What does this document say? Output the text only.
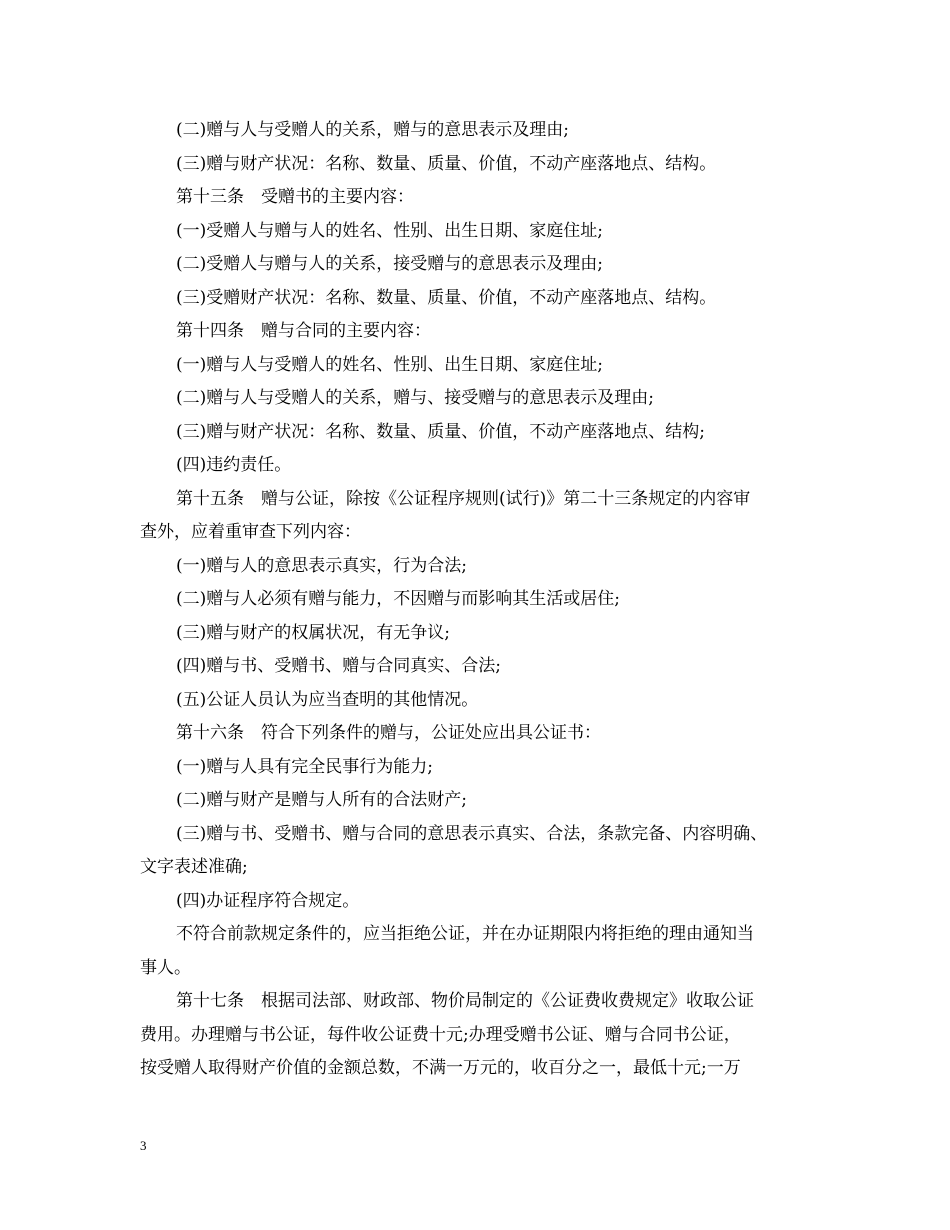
(二)赠与人与受赠人的关系，赠与的意思表示及理由;
(三)赠与财产状况：名称、数量、质量、价值，不动产座落地点、结构。
第十三条　受赠书的主要内容：
(一)受赠人与赠与人的姓名、性别、出生日期、家庭住址;
(二)受赠人与赠与人的关系，接受赠与的意思表示及理由;
(三)受赠财产状况：名称、数量、质量、价值，不动产座落地点、结构。
第十四条　赠与合同的主要内容：
(一)赠与人与受赠人的姓名、性别、出生日期、家庭住址;
(二)赠与人与受赠人的关系，赠与、接受赠与的意思表示及理由;
(三)赠与财产状况：名称、数量、质量、价值，不动产座落地点、结构;
(四)违约责任。
第十五条　赠与公证，除按《公证程序规则(试行)》第二十三条规定的内容审
查外，应着重审查下列内容：
(一)赠与人的意思表示真实，行为合法;
(二)赠与人必须有赠与能力，不因赠与而影响其生活或居住;
(三)赠与财产的权属状况，有无争议;
(四)赠与书、受赠书、赠与合同真实、合法;
(五)公证人员认为应当查明的其他情况。
第十六条　符合下列条件的赠与，公证处应出具公证书：
(一)赠与人具有完全民事行为能力;
(二)赠与财产是赠与人所有的合法财产;
(三)赠与书、受赠书、赠与合同的意思表示真实、合法，条款完备、内容明确、
文字表述准确;
(四)办证程序符合规定。
不符合前款规定条件的，应当拒绝公证，并在办证期限内将拒绝的理由通知当
事人。
第十七条　根据司法部、财政部、物价局制定的《公证费收费规定》收取公证
费用。办理赠与书公证，每件收公证费十元;办理受赠书公证、赠与合同书公证，
按受赠人取得财产价值的金额总数，不满一万元的，收百分之一，最低十元;一万
3
